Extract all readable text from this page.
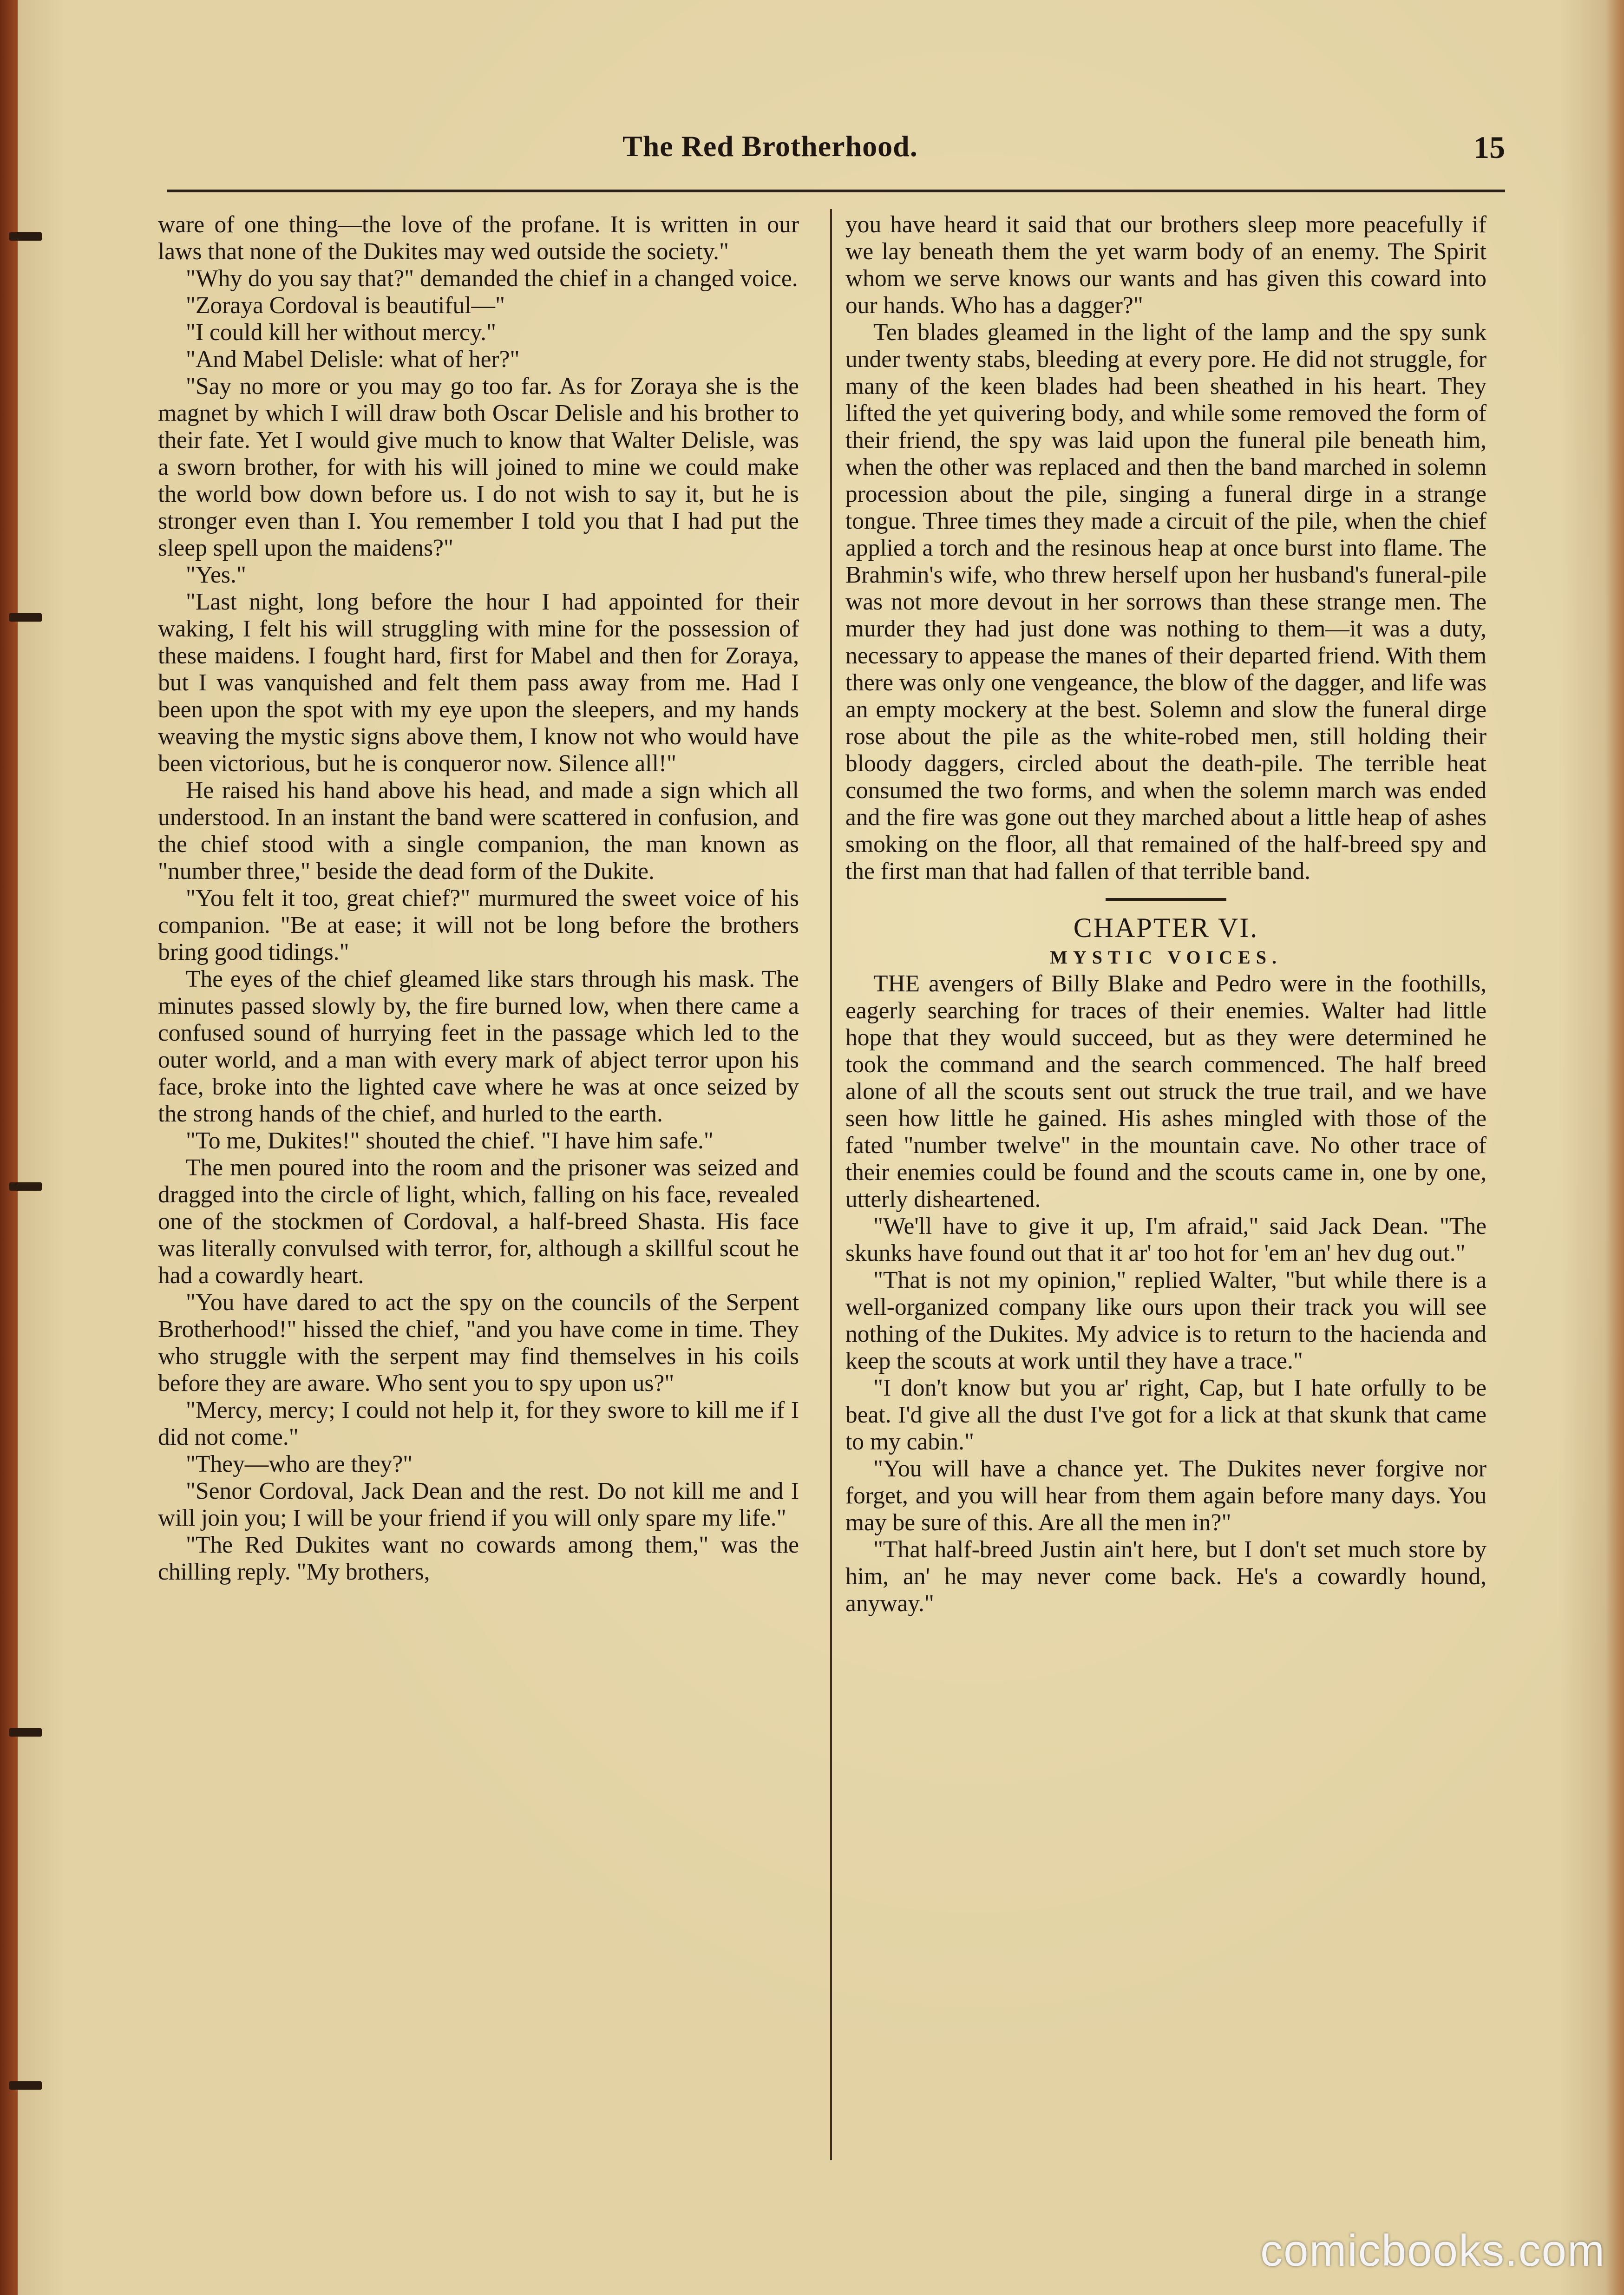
The Red Brotherhood.	15

ware of one thing—the love of the profane. It is written in our laws that none of the Dukites may wed outside the society."

"Why do you say that?" demanded the chief in a changed voice.

"Zoraya Cordoval is beautiful—"

"I could kill her without mercy."

"And Mabel Delisle: what of her?"

"Say no more or you may go too far. As for Zoraya she is the magnet by which I will draw both Oscar Delisle and his brother to their fate. Yet I would give much to know that Walter Delisle, was a sworn brother, for with his will joined to mine we could make the world bow down before us. I do not wish to say it, but he is stronger even than I. You remember I told you that I had put the sleep spell upon the maidens?"

"Yes."

"Last night, long before the hour I had appointed for their waking, I felt his will struggling with mine for the possession of these maidens. I fought hard, first for Mabel and then for Zoraya, but I was vanquished and felt them pass away from me. Had I been upon the spot with my eye upon the sleepers, and my hands weaving the mystic signs above them, I know not who would have been victorious, but he is conqueror now. Silence all!"

He raised his hand above his head, and made a sign which all understood. In an instant the band were scattered in confusion, and the chief stood with a single companion, the man known as "number three," beside the dead form of the Dukite.

"You felt it too, great chief?" murmured the sweet voice of his companion. "Be at ease; it will not be long before the brothers bring good tidings."

The eyes of the chief gleamed like stars through his mask. The minutes passed slowly by, the fire burned low, when there came a confused sound of hurrying feet in the passage which led to the outer world, and a man with every mark of abject terror upon his face, broke into the lighted cave where he was at once seized by the strong hands of the chief, and hurled to the earth.

"To me, Dukites!" shouted the chief. "I have him safe."

The men poured into the room and the prisoner was seized and dragged into the circle of light, which, falling on his face, revealed one of the stockmen of Cordoval, a half-breed Shasta. His face was literally convulsed with terror, for, although a skillful scout he had a cowardly heart.

"You have dared to act the spy on the councils of the Serpent Brotherhood!" hissed the chief, "and you have come in time. They who struggle with the serpent may find themselves in his coils before they are aware. Who sent you to spy upon us?"

"Mercy, mercy; I could not help it, for they swore to kill me if I did not come."

"They—who are they?"

"Senor Cordoval, Jack Dean and the rest. Do not kill me and I will join you; I will be your friend if you will only spare my life."

"The Red Dukites want no cowards among them," was the chilling reply. "My brothers,

you have heard it said that our brothers sleep more peacefully if we lay beneath them the yet warm body of an enemy. The Spirit whom we serve knows our wants and has given this coward into our hands. Who has a dagger?"

Ten blades gleamed in the light of the lamp and the spy sunk under twenty stabs, bleeding at every pore. He did not struggle, for many of the keen blades had been sheathed in his heart. They lifted the yet quivering body, and while some removed the form of their friend, the spy was laid upon the funeral pile beneath him, when the other was replaced and then the band marched in solemn procession about the pile, singing a funeral dirge in a strange tongue. Three times they made a circuit of the pile, when the chief applied a torch and the resinous heap at once burst into flame. The Brahmin's wife, who threw herself upon her husband's funeral-pile was not more devout in her sorrows than these strange men. The murder they had just done was nothing to them—it was a duty, necessary to appease the manes of their departed friend. With them there was only one vengeance, the blow of the dagger, and life was an empty mockery at the best. Solemn and slow the funeral dirge rose about the pile as the white-robed men, still holding their bloody daggers, circled about the death-pile. The terrible heat consumed the two forms, and when the solemn march was ended and the fire was gone out they marched about a little heap of ashes smoking on the floor, all that remained of the half-breed spy and the first man that had fallen of that terrible band.

CHAPTER VI.
MYSTIC VOICES.

THE avengers of Billy Blake and Pedro were in the foothills, eagerly searching for traces of their enemies. Walter had little hope that they would succeed, but as they were determined he took the command and the search commenced. The half breed alone of all the scouts sent out struck the true trail, and we have seen how little he gained. His ashes mingled with those of the fated "number twelve" in the mountain cave. No other trace of their enemies could be found and the scouts came in, one by one, utterly disheartened.

"We'll have to give it up, I'm afraid," said Jack Dean. "The skunks have found out that it ar' too hot for 'em an' hev dug out."

"That is not my opinion," replied Walter, "but while there is a well-organized company like ours upon their track you will see nothing of the Dukites. My advice is to return to the hacienda and keep the scouts at work until they have a trace."

"I don't know but you ar' right, Cap, but I hate orfully to be beat. I'd give all the dust I've got for a lick at that skunk that came to my cabin."

"You will have a chance yet. The Dukites never forgive nor forget, and you will hear from them again before many days. You may be sure of this. Are all the men in?"

"That half-breed Justin ain't here, but I don't set much store by him, an' he may never come back. He's a cowardly hound, anyway."

comicbooks.com
